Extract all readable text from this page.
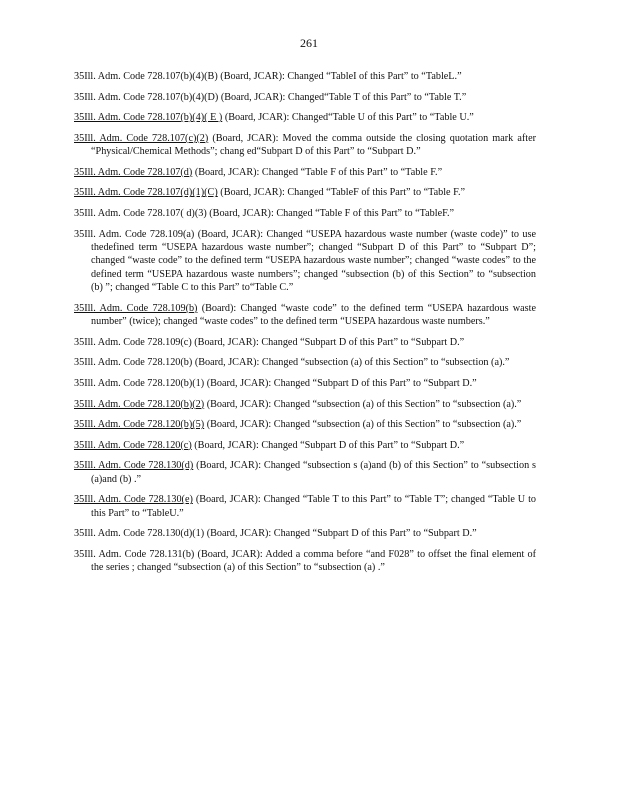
261

35Ill. Adm. Code 728.107(b)(4)(B) (Board, JCAR): Changed “TableI of this Part” to “TableL.”

35Ill. Adm. Code 728.107(b)(4)(D) (Board, JCAR): Changed“Table T of this Part” to “Table T.”

35Ill. Adm. Code 728.107(b)(4)( E ) (Board, JCAR): Changed“Table U of this Part” to “Table U.”

35Ill. Adm. Code 728.107(c)(2) (Board, JCAR): Moved the comma outside the closing quotation mark after “Physical/Chemical Methods”; chang ed“Subpart D of this Part” to “Subpart D.”

35Ill. Adm. Code 728.107(d) (Board, JCAR): Changed “Table F of this Part” to “Table F.”

35Ill. Adm. Code 728.107(d)(1)(C) (Board, JCAR): Changed “TableF of this Part” to “Table F.”

35Ill. Adm. Code 728.107( d)(3) (Board, JCAR): Changed “Table F of this Part” to “TableF.”

35Ill. Adm. Code 728.109(a) (Board, JCAR): Changed “USEPA hazardous waste number (waste code)” to use thedefined term “USEPA hazardous waste number”; changed “Subpart D of this Part” to “Subpart D”; changed “waste code” to the defined term “USEPA hazardous waste number”; changed “waste codes” to the defined term “USEPA hazardous waste numbers”; changed “subsection (b) of this Section” to “subsection (b) ”; changed “Table C to this Part” to“Table C.”

35Ill. Adm. Code 728.109(b) (Board): Changed “waste code” to the defined term “USEPA hazardous waste number” (twice); changed “waste codes” to the defined term “USEPA hazardous waste numbers.”

35Ill. Adm. Code 728.109(c) (Board, JCAR): Changed “Subpart D of this Part” to “Subpart D.”

35Ill. Adm. Code 728.120(b) (Board, JCAR): Changed “subsection (a) of this Section” to “subsection (a).”

35Ill. Adm. Code 728.120(b)(1) (Board, JCAR): Changed “Subpart D of this Part” to “Subpart D.”

35Ill. Adm. Code 728.120(b)(2) (Board, JCAR): Changed “subsection (a) of this Section” to “subsection (a).”

35Ill. Adm. Code 728.120(b)(5) (Board, JCAR): Changed “subsection (a) of this Section” to “subsection (a).”

35Ill. Adm. Code 728.120(c) (Board, JCAR): Changed “Subpart D of this Part” to “Subpart D.”

35Ill. Adm. Code 728.130(d) (Board, JCAR): Changed “subsection s (a)and (b) of this Section” to “subsection s (a)and (b) .”

35Ill. Adm. Code 728.130(e) (Board, JCAR): Changed “Table T to this Part” to “Table T”; changed “Table U to this Part” to “TableU.”

35Ill. Adm. Code 728.130(d)(1) (Board, JCAR): Changed “Subpart D of this Part” to “Subpart D.”

35Ill. Adm. Code 728.131(b) (Board, JCAR): Added a comma before “and F028” to offset the final element of the series ; changed “subsection (a) of this Section” to “subsection (a) .”
